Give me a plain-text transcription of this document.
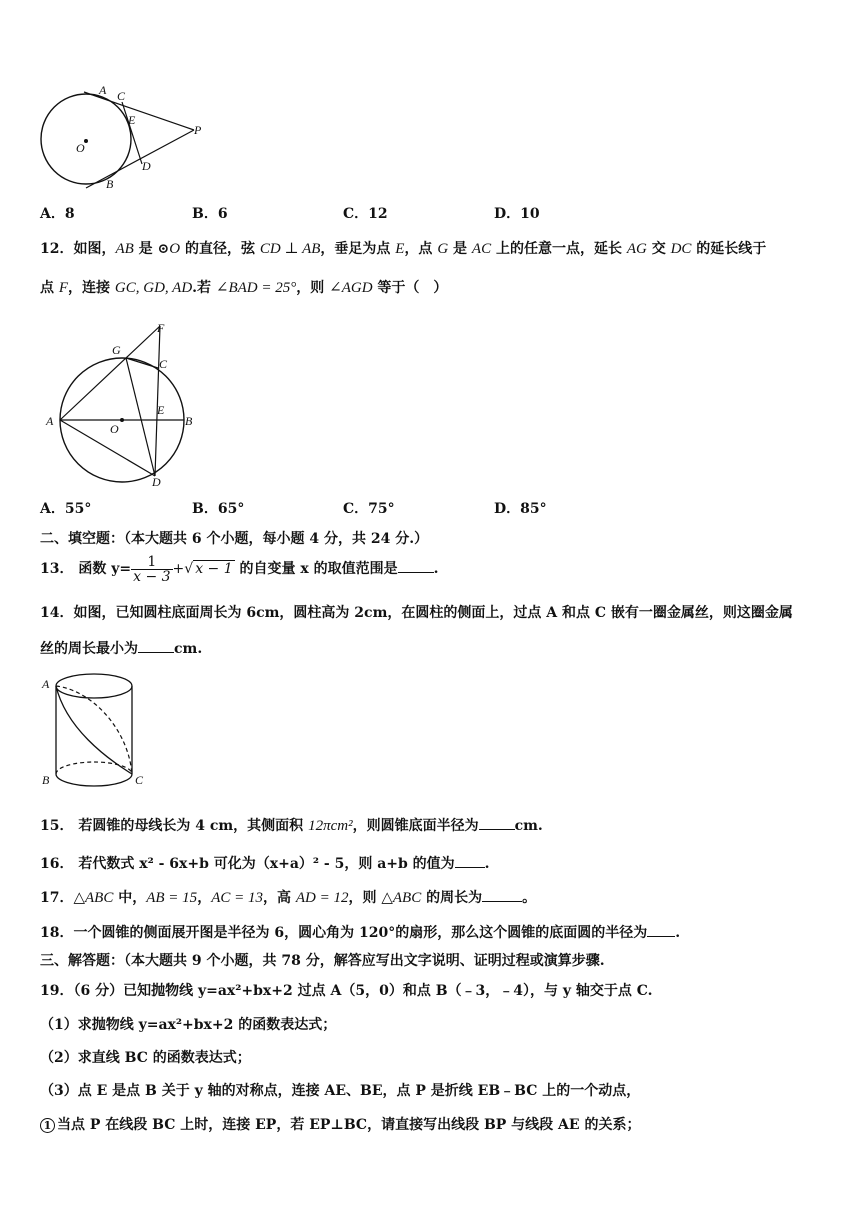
A C
E
P
O
D
B
A．8	B．6	C．12	D．10
12．如图，AB 是 ⊙O 的直径，弦 CD ⊥ AB，垂足为点 E，点 G 是 AC 上的任意一点，延长 AG 交 DC 的延长线于
点 F，连接 GC, GD, AD.若 ∠BAD = 25°，则 ∠AGD 等于（　）
F
G
C
A
O
E
B
D
A．55°	B．65°	C．75°	D．85°
二、填空题：（本大题共 6 个小题，每小题 4 分，共 24 分.）
13． 函数 $y= \frac{1}{x - 3}$ +√ x − 1 的自变量 x 的取值范围是	.
14．如图，已知圆柱底面周长为 6cm，圆柱高为 2cm，在圆柱的侧面上，过点 A 和点 C 嵌有一圈金属丝，则这圈金属
丝的周长最小为	cm.
A
B	C
15． 若圆锥的母线长为 4 cm，其侧面积 12πcm²，则圆锥底面半径为	cm.
16． 若代数式 x² - 6x+b 可化为（x+a）² - 5，则 a+b 的值为 .
17．△ABC 中，AB = 15，AC = 13，高 AD = 12，则 △ABC 的周长为	。
18．一个圆锥的侧面展开图是半径为 6，圆心角为 120°的扇形，那么这个圆锥的底面圆的半径为 .
三、解答题：（本大题共 9 个小题，共 78 分，解答应写出文字说明、证明过程或演算步骤.
19．（6 分）已知抛物线 y=ax²+bx+2 过点 A（5，0）和点 B（﹣3，﹣4），与 y 轴交于点 C.
（1）求抛物线 y=ax²+bx+2 的函数表达式；
（2）求直线 BC 的函数表达式；
（3）点 E 是点 B 关于 y 轴的对称点，连接 AE、BE，点 P 是折线 EB﹣BC 上的一个动点，
1 当点 P 在线段 BC 上时，连接 EP，若 EP⊥BC，请直接写出线段 BP 与线段 AE 的关系；
